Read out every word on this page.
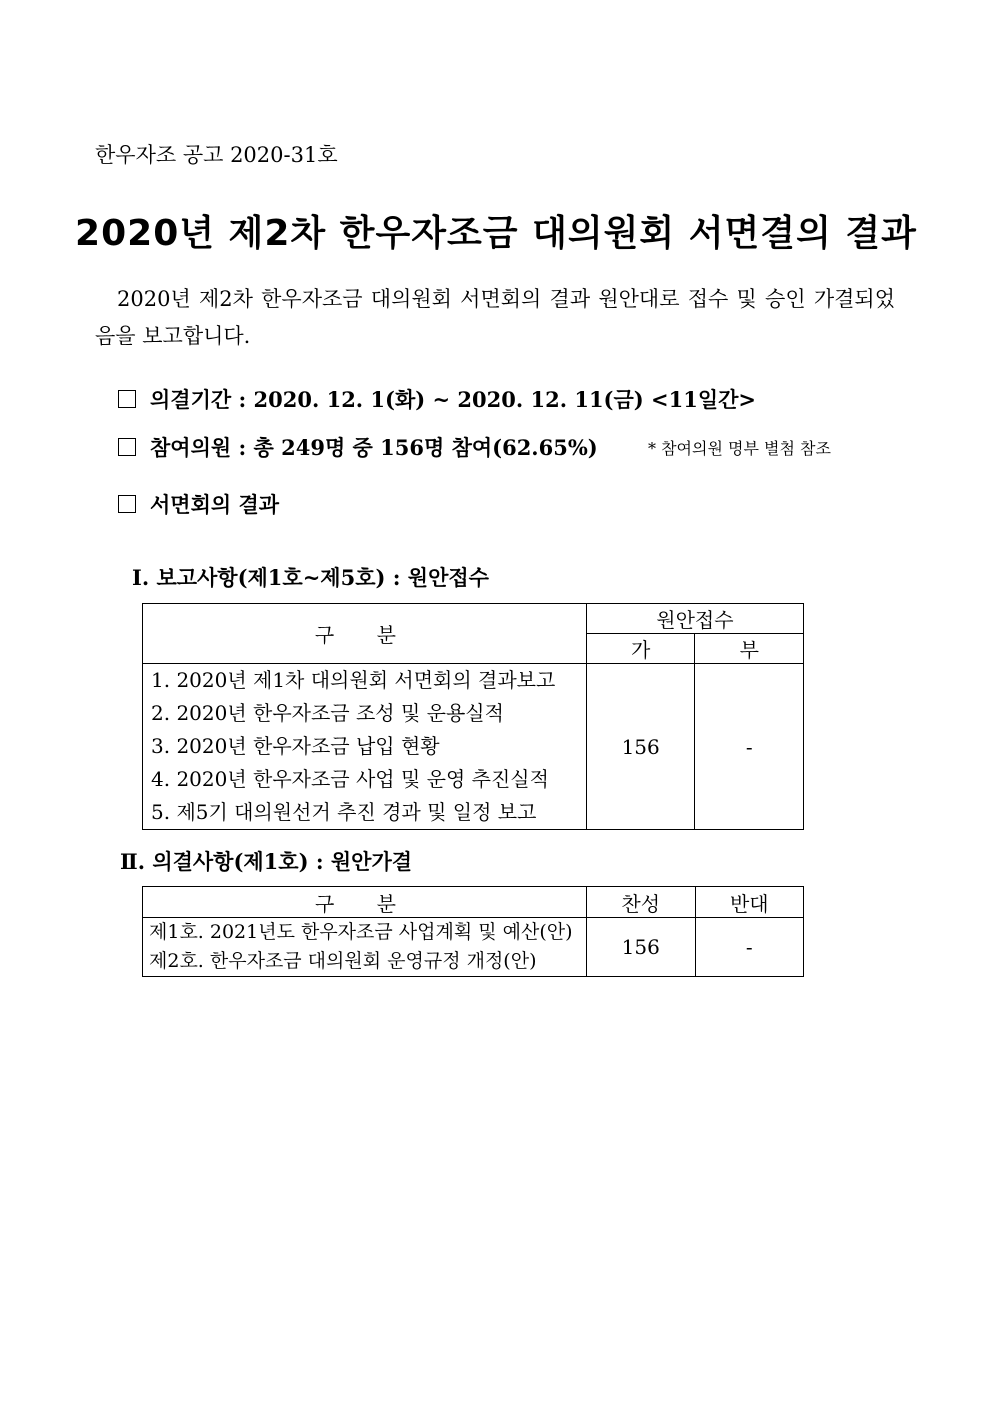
한우자조 공고 2020-31호
2020년 제2차 한우자조금 대의원회 서면결의 결과
2020년 제2차 한우자조금 대의원회 서면회의 결과 원안대로 접수 및 승인 가결되었음을 보고합니다.
의결기간 : 2020. 12. 1(화) ~ 2020. 12. 11(금) <11일간>
참여의원 : 총 249명 중 156명 참여(62.65%)	* 참여의원 명부 별첨 참조
서면회의 결과
Ⅰ. 보고사항(제1호~제5호) : 원안접수
구 분	원안접수	
	가	부

1. 2020년 제1차 대의원회 서면회의 결과보고
2. 2020년 한우자조금 조성 및 운용실적
3. 2020년 한우자조금 납입 현황
4. 2020년 한우자조금 사업 및 운영 추진실적
5. 제5기 대의원선거 추진 경과 및 일정 보고	156	-
Ⅱ. 의결사항(제1호) : 원안가결
구 분	찬성	반대

제1호. 2021년도 한우자조금 사업계획 및 예산(안)
제2호. 한우자조금 대의원회 운영규정 개정(안)	156	-
